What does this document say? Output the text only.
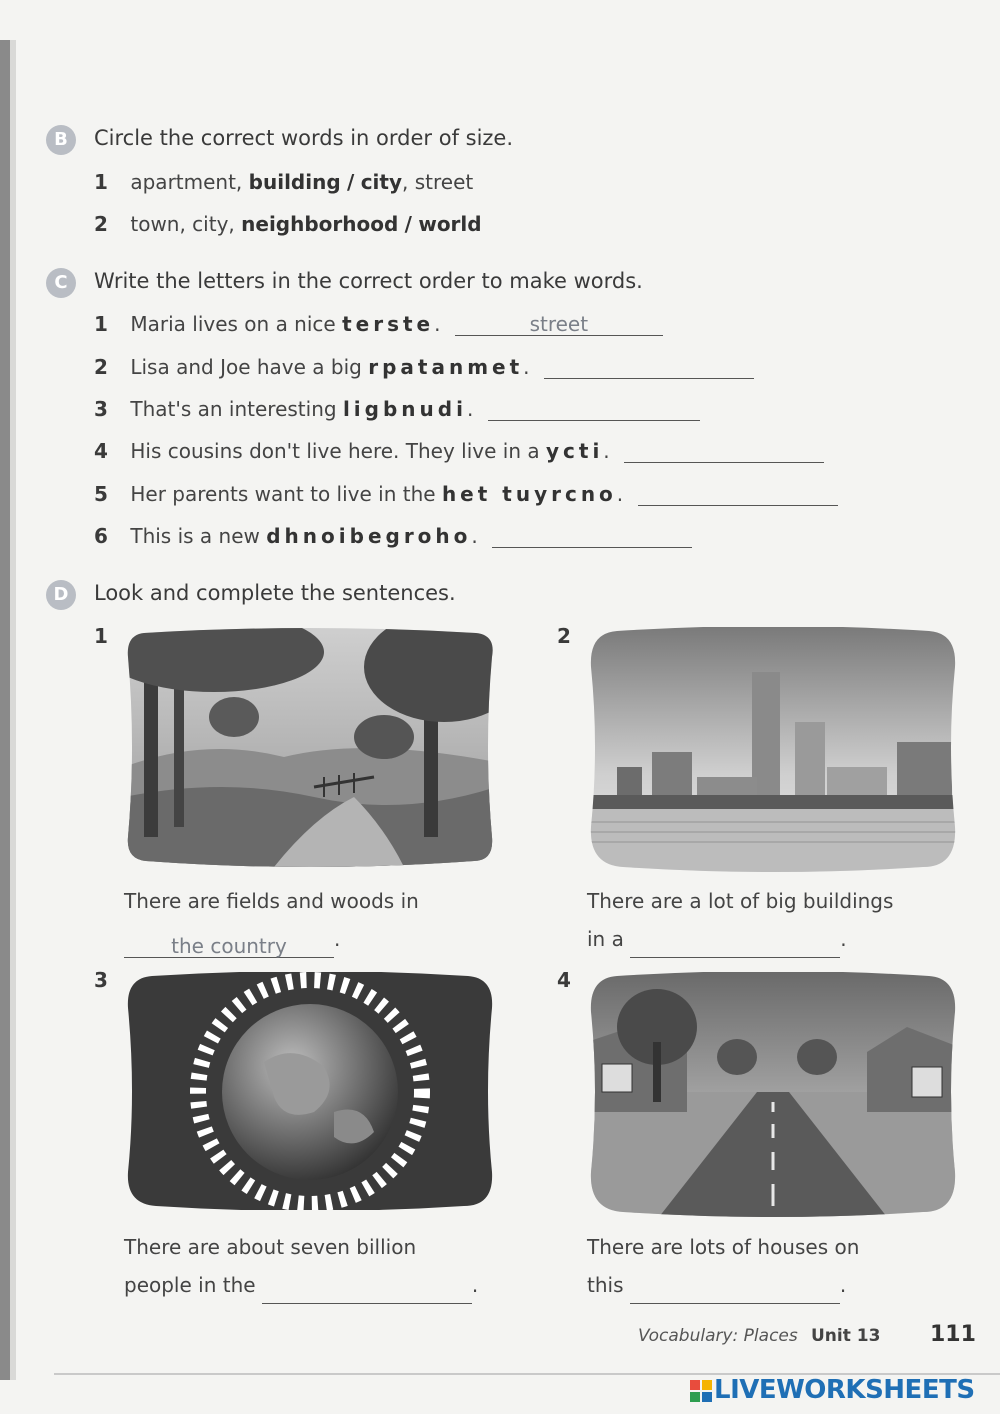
B	Circle the correct words in order of size.
1 apartment, building / city, street
2 town, city, neighborhood / world
C	Write the letters in the correct order to make words.
1 Maria lives on a nice terste.	street
2 Lisa and Joe have a big rpatanmet.
3 That's an interesting ligbnudi.
4 His cousins don't live here. They live in a ycti.
5 Her parents want to live in the het tuyrcno.
6 This is a new dhnoibegroho.
D	Look and complete the sentences.
1
There are fields and woods in
the country .
2
There are a lot of big buildings
in a	.
3
There are about seven billion
people in the	.
4
There are lots of houses on
this	.
Vocabulary: Places Unit 13 111
LIVEWORKSHEETS
